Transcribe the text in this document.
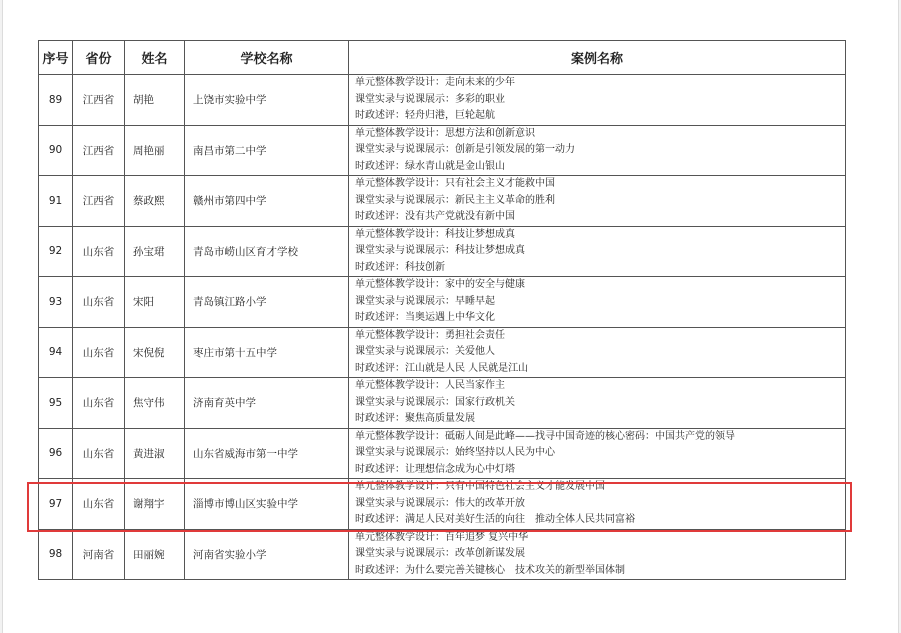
序号	省份	姓名	学校名称	案例名称
89	江西省	胡艳	上饶市实验中学	单元整体教学设计：走向未来的少年
课堂实录与说课展示：多彩的职业
时政述评：轻舟归港，巨轮起航

90	江西省	周艳丽	南昌市第二中学	单元整体教学设计：思想方法和创新意识
课堂实录与说课展示：创新是引领发展的第一动力
时政述评：绿水青山就是金山银山

91	江西省	蔡政熙	赣州市第四中学	单元整体教学设计：只有社会主义才能救中国
课堂实录与说课展示：新民主主义革命的胜利
时政述评：没有共产党就没有新中国

92	山东省	孙宝珺	青岛市崂山区育才学校	单元整体教学设计：科技让梦想成真
课堂实录与说课展示：科技让梦想成真
时政述评：科技创新

93	山东省	宋阳	青岛镇江路小学	单元整体教学设计：家中的安全与健康
课堂实录与说课展示：早睡早起
时政述评：当奥运遇上中华文化

94	山东省	宋倪倪	枣庄市第十五中学	单元整体教学设计：勇担社会责任
课堂实录与说课展示：关爱他人
时政述评：江山就是人民 人民就是江山

95	山东省	焦守伟	济南育英中学	单元整体教学设计：人民当家作主
课堂实录与说课展示：国家行政机关
时政述评：聚焦高质量发展

96	山东省	黄进淑	山东省威海市第一中学	单元整体教学设计：砥砺人间是此峰——找寻中国奇迹的核心密码：中国共产党的领导
课堂实录与说课展示：始终坚持以人民为中心
时政述评：让理想信念成为心中灯塔

97	山东省	谢翔宇	淄博市博山区实验中学	单元整体教学设计：只有中国特色社会主义才能发展中国
课堂实录与说课展示：伟大的改革开放
时政述评：满足人民对美好生活的向往　推动全体人民共同富裕

98	河南省	田丽婉	河南省实验小学	单元整体教学设计：百年追梦 复兴中华
课堂实录与说课展示：改革创新谋发展
时政述评：为什么要完善关键核心　技术攻关的新型举国体制
